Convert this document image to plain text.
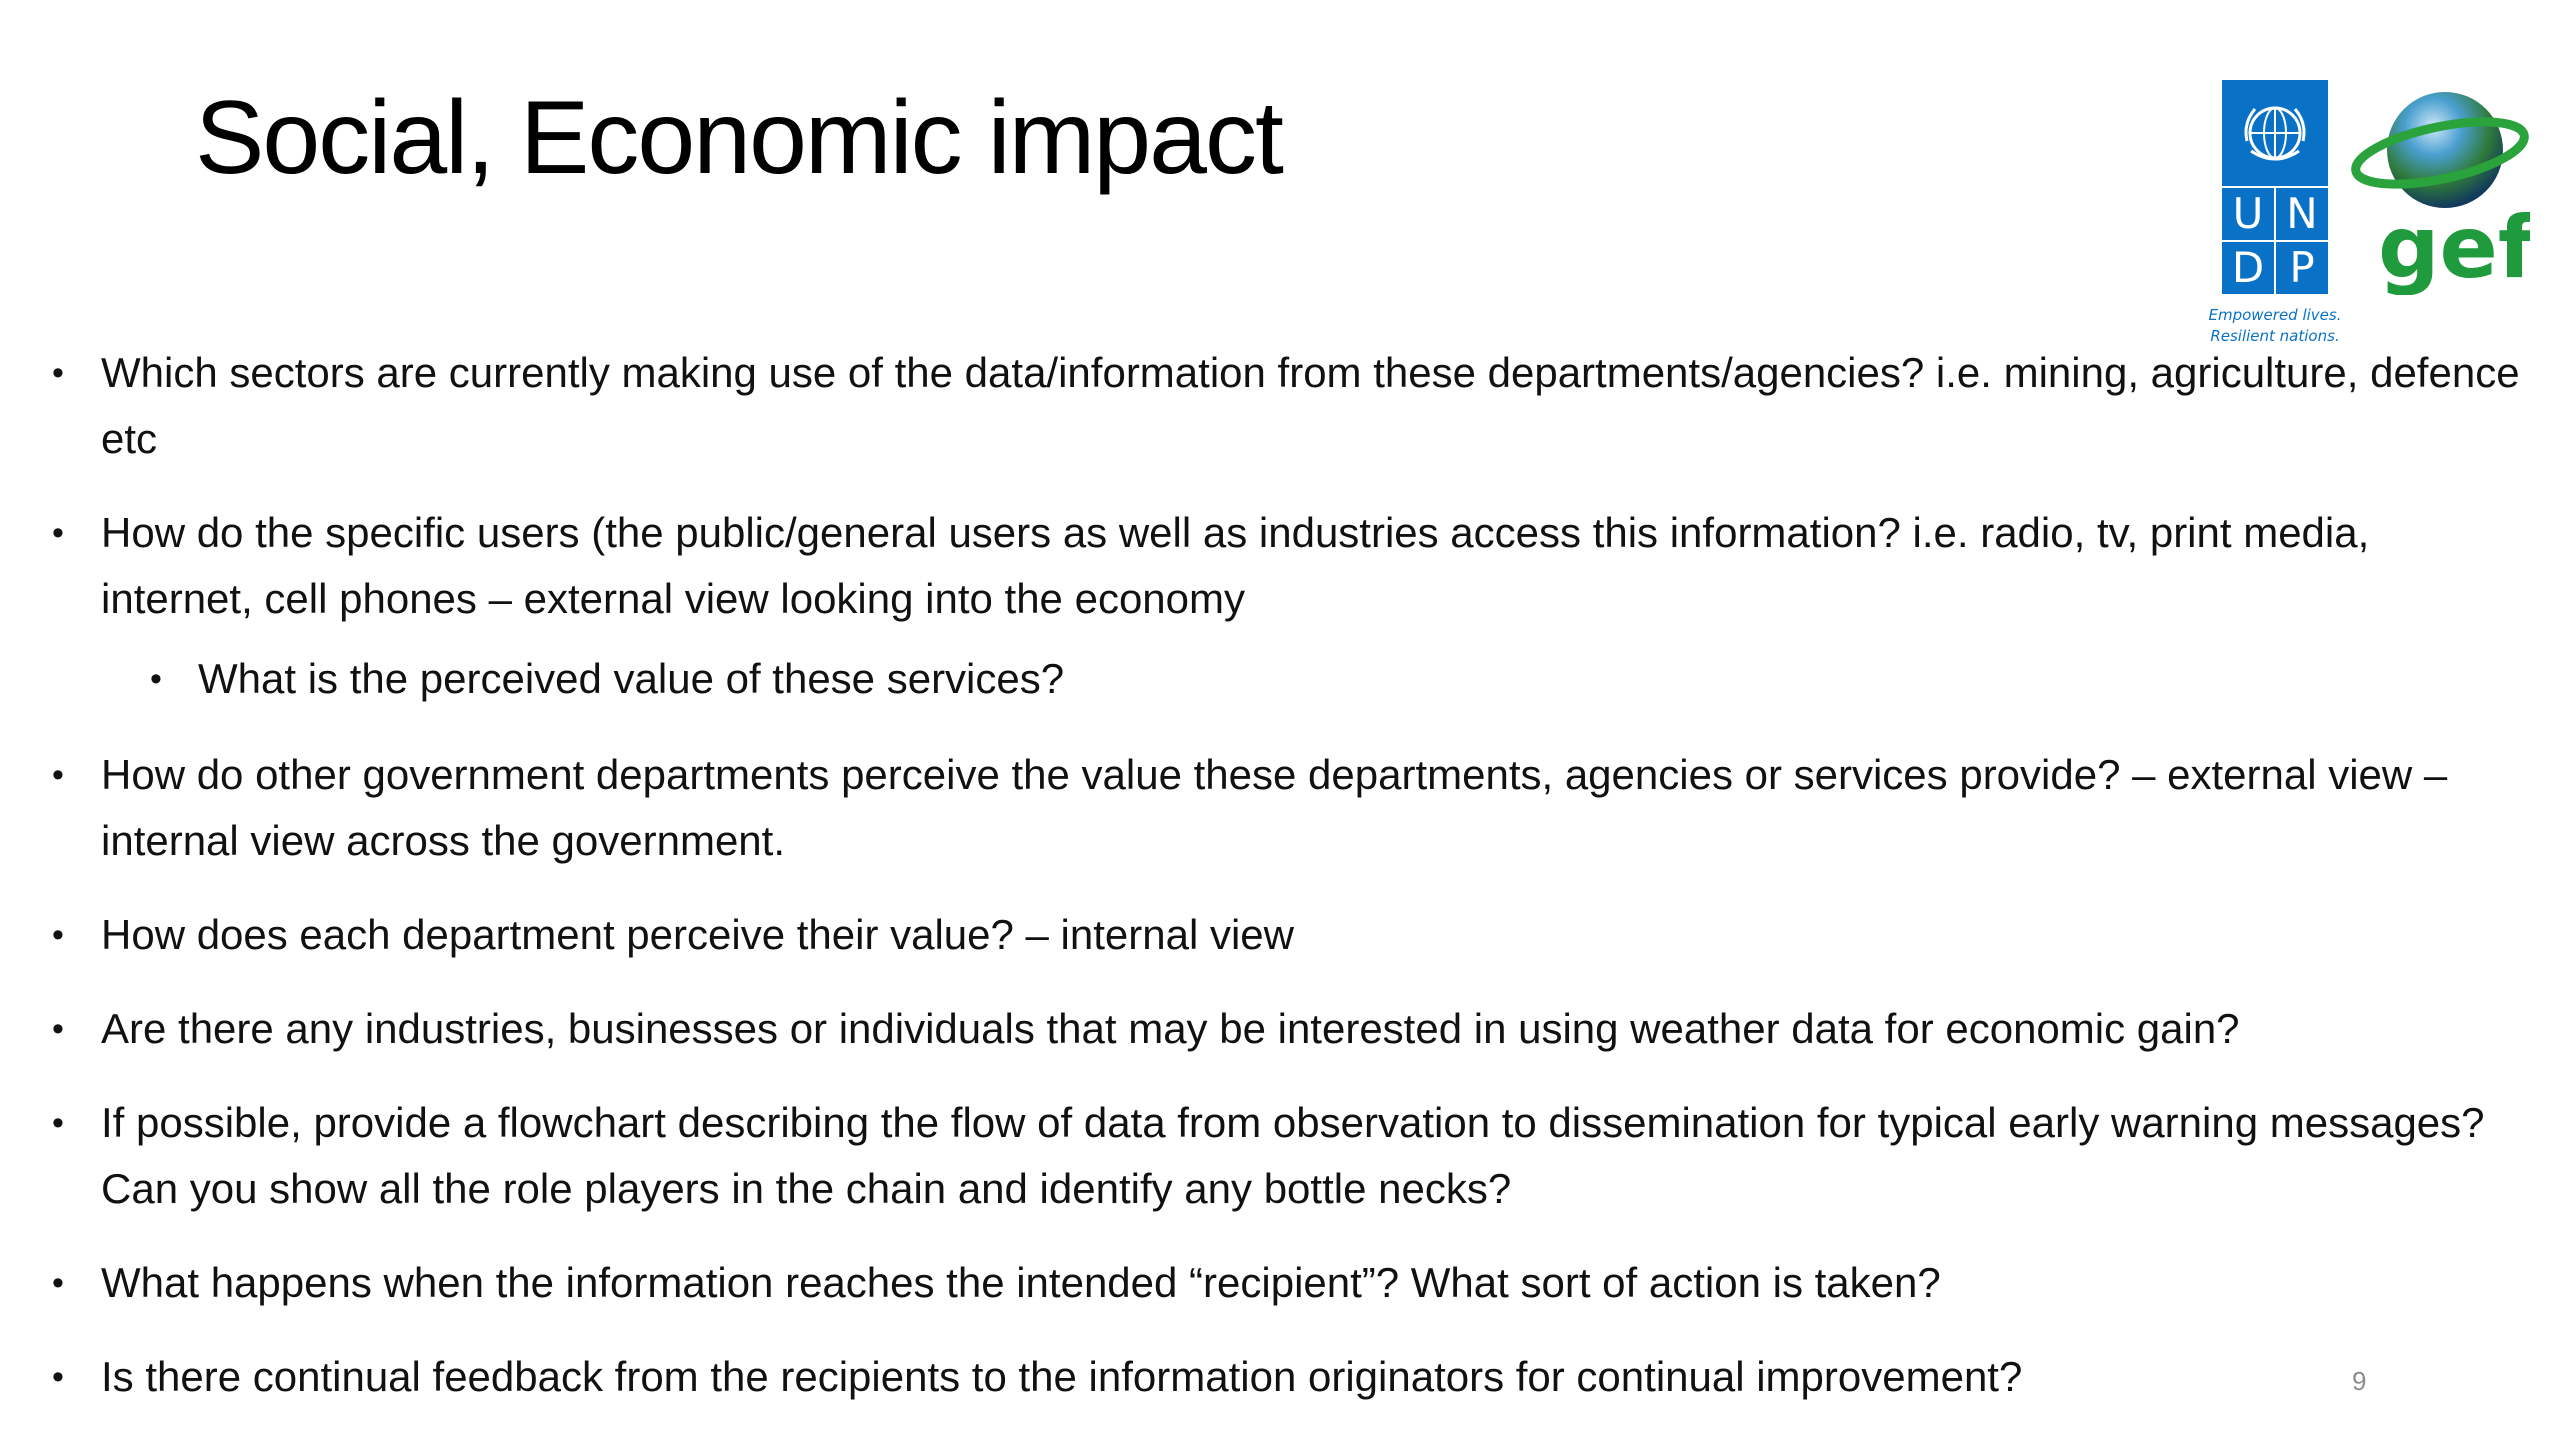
Social, Economic impact
U N
D P
Empowered lives.
Resilient nations.
gef
• Which sectors are currently making use of the data/information from these departments/agencies? i.e. mining, agriculture, defence etc
• How do the specific users (the public/general users as well as industries access this information? i.e. radio, tv, print media, internet, cell phones – external view looking into the economy
• What is the perceived value of these services?
• How do other government departments perceive the value these departments, agencies or services provide? – external view –internal view across the government.
• How does each department perceive their value? – internal view
• Are there any industries, businesses or individuals that may be interested in using weather data for economic gain?
• If possible, provide a flowchart describing the flow of data from observation to dissemination for typical early warning messages? Can you show all the role players in the chain and identify any bottle necks?
• What happens when the information reaches the intended “recipient”? What sort of action is taken?
• Is there continual feedback from the recipients to the information originators for continual improvement?	9
